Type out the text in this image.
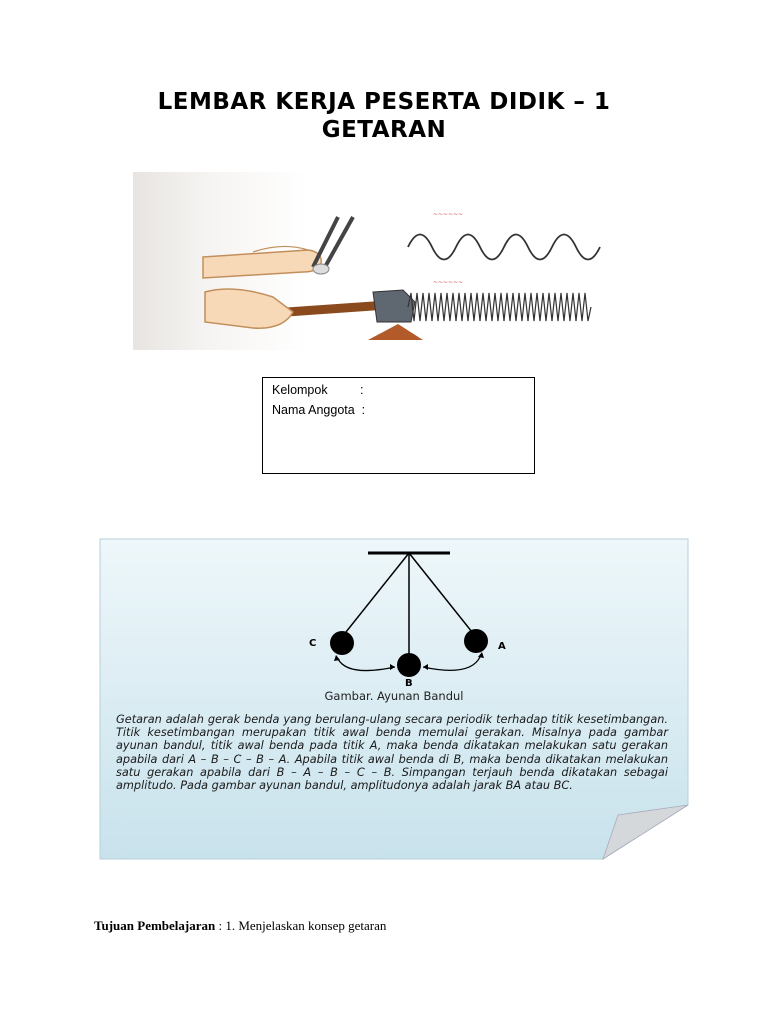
LEMBAR KERJA PESERTA DIDIK – 1
GETARAN
~~~~~~
~~~~~~
Kelompok	:
Nama Anggota :
C	A
B
Gambar. Ayunan Bandul
Getaran adalah gerak benda yang berulang-ulang secara periodik terhadap titik kesetimbangan. Titik kesetimbangan merupakan titik awal benda memulai gerakan. Misalnya pada gambar ayunan bandul, titik awal benda pada titik A, maka benda dikatakan melakukan satu gerakan apabila dari A – B – C – B – A. Apabila titik awal benda di B, maka benda dikatakan melakukan satu gerakan apabila dari B – A – B – C – B. Simpangan terjauh benda dikatakan sebagai amplitudo. Pada gambar ayunan bandul, amplitudonya adalah jarak BA atau BC.
Tujuan Pembelajaran : 1. Menjelaskan konsep getaran
